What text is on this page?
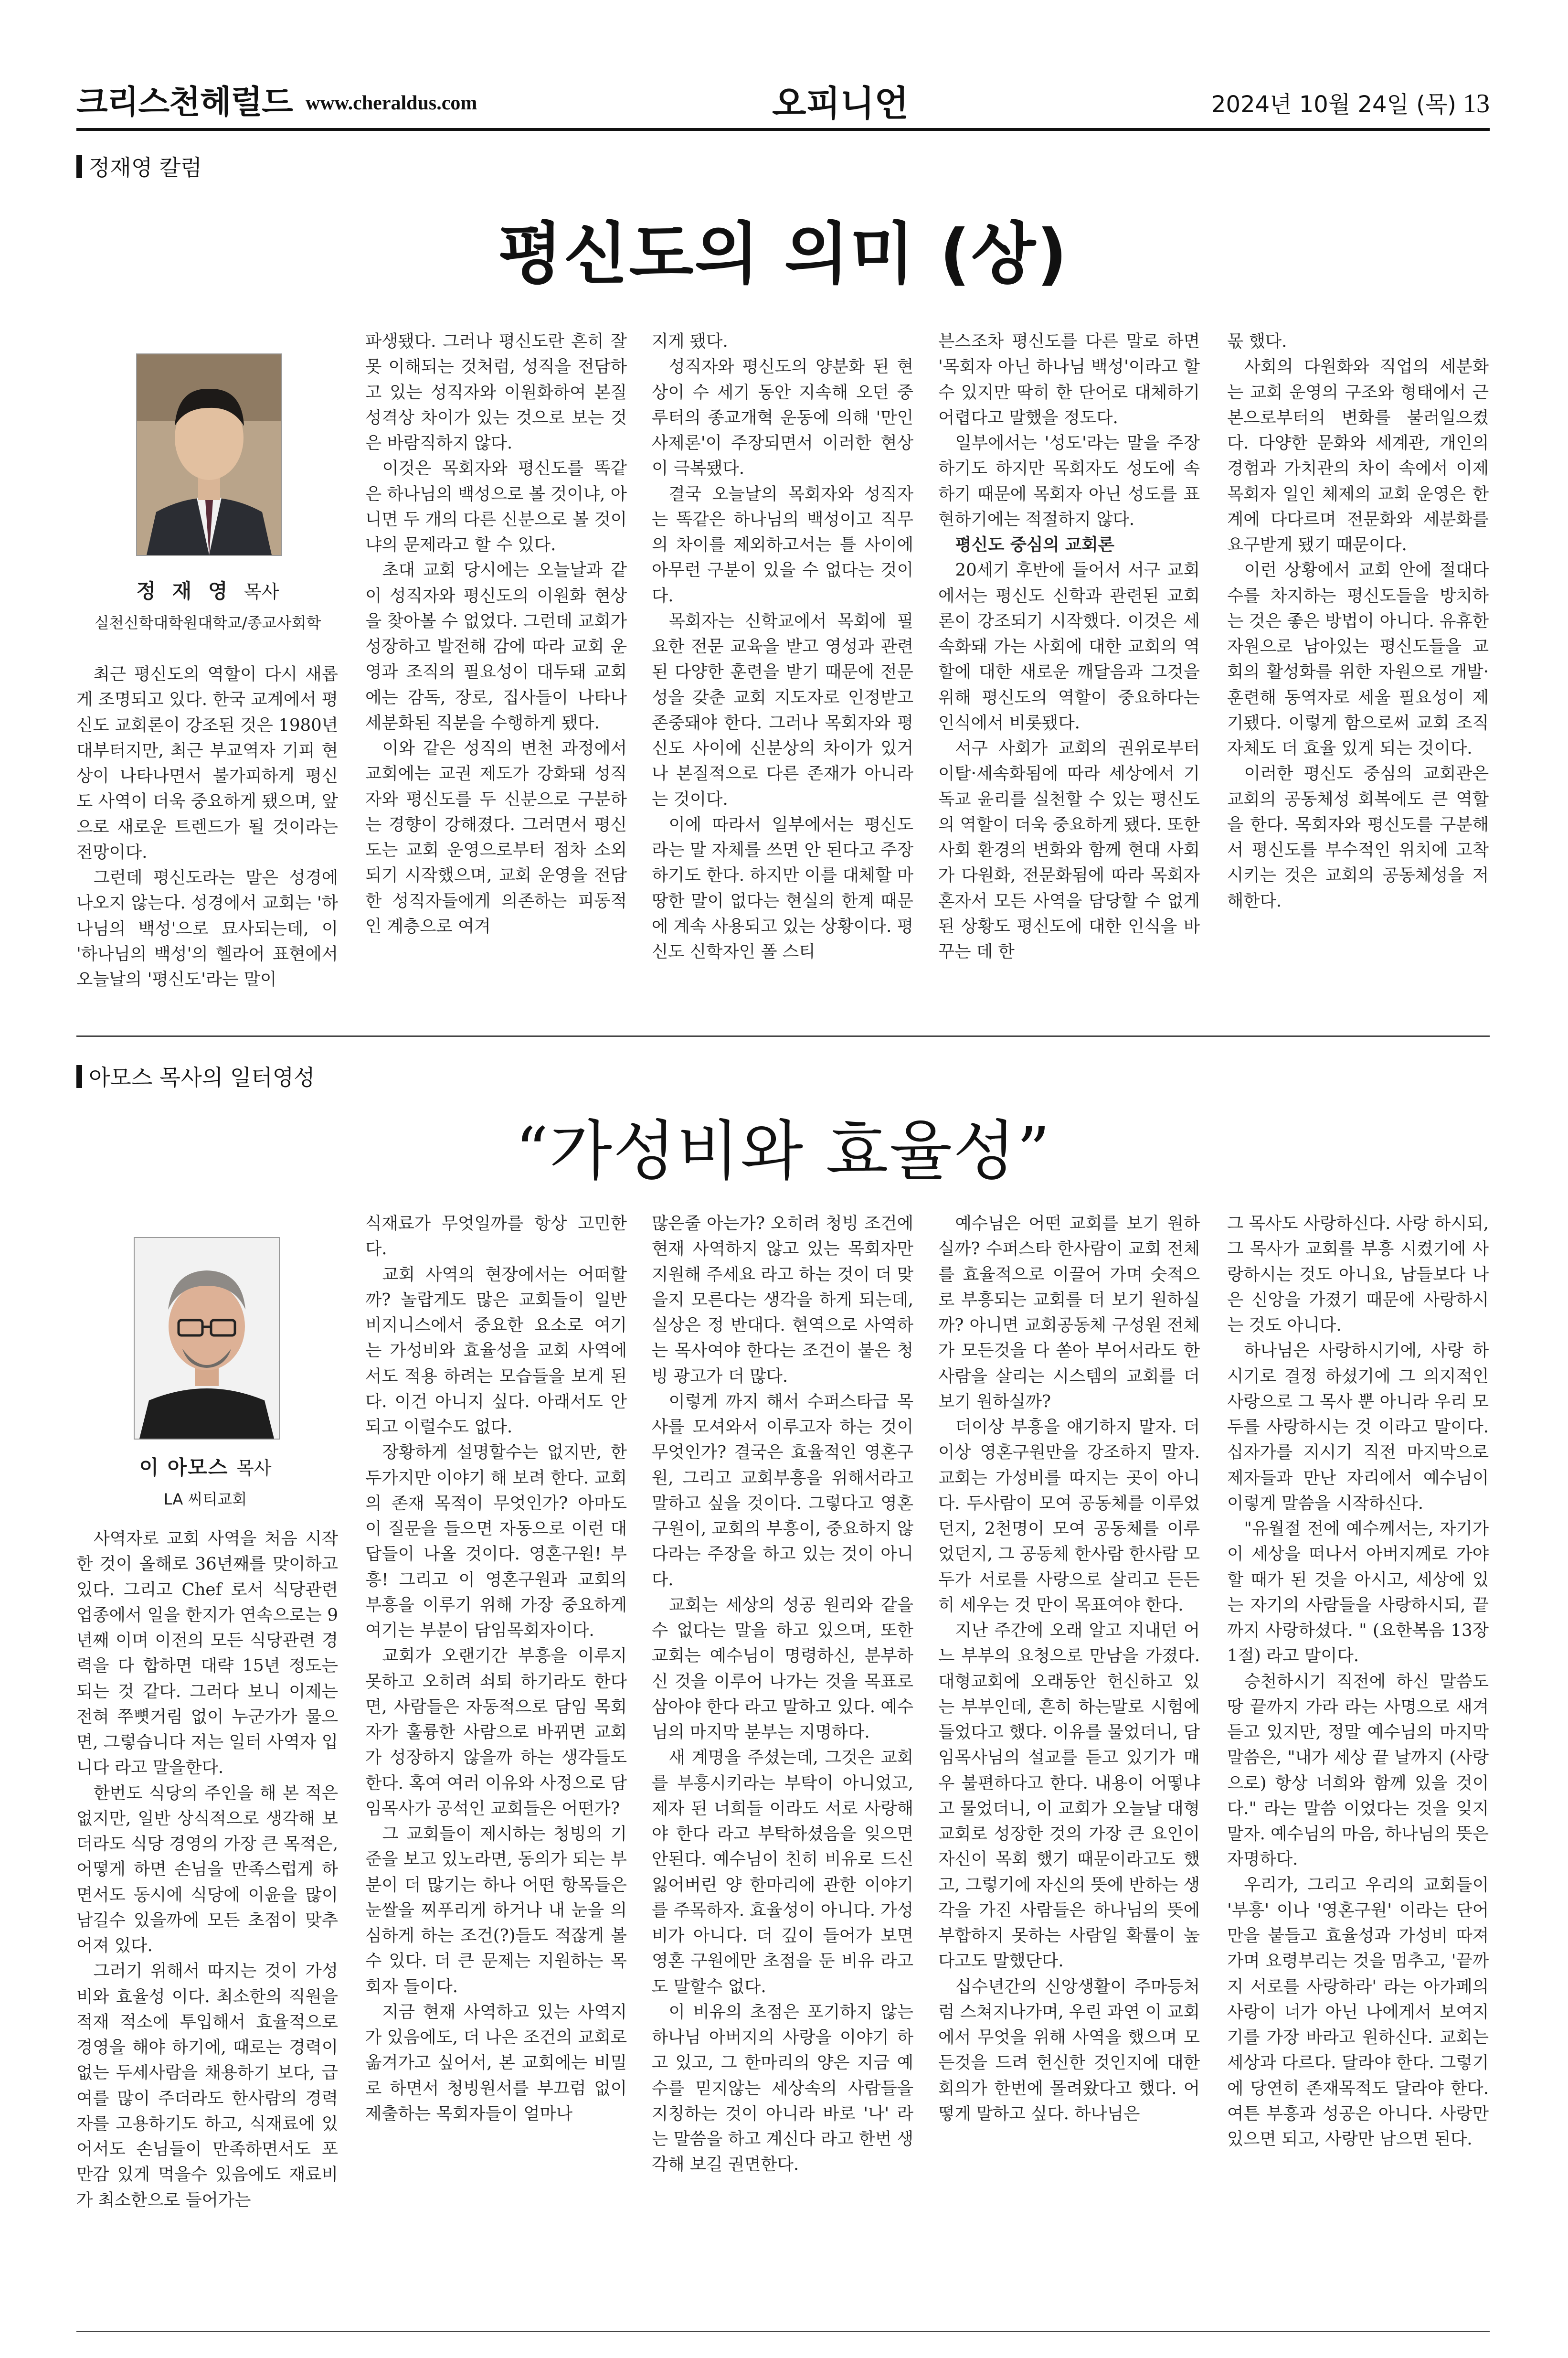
크리스천헤럴드 www.cheraldus.com	오피니언	2024년 10월 24일 (목) 13
정재영 칼럼
평신도의 의미 (상)
정 재 영 목사
실천신학대학원대학교/종교사회학

최근 평신도의 역할이 다시 새롭게 조명되고 있다. 한국 교계에서 평신도 교회론이 강조된 것은 1980년대부터지만, 최근 부교역자 기피 현상이 나타나면서 불가피하게 평신도 사역이 더욱 중요하게 됐으며, 앞으로 새로운 트렌드가 될 것이라는 전망이다.

그런데 평신도라는 말은 성경에 나오지 않는다. 성경에서 교회는 '하나님의 백성'으로 묘사되는데, 이 '하나님의 백성'의 헬라어 표현에서 오늘날의 '평신도'라는 말이

파생됐다. 그러나 평신도란 흔히 잘못 이해되는 것처럼, 성직을 전담하고 있는 성직자와 이원화하여 본질 성격상 차이가 있는 것으로 보는 것은 바람직하지 않다.

이것은 목회자와 평신도를 똑같은 하나님의 백성으로 볼 것이냐, 아니면 두 개의 다른 신분으로 볼 것이냐의 문제라고 할 수 있다.

초대 교회 당시에는 오늘날과 같이 성직자와 평신도의 이원화 현상을 찾아볼 수 없었다. 그런데 교회가 성장하고 발전해 감에 따라 교회 운영과 조직의 필요성이 대두돼 교회에는 감독, 장로, 집사들이 나타나 세분화된 직분을 수행하게 됐다.

이와 같은 성직의 변천 과정에서 교회에는 교권 제도가 강화돼 성직자와 평신도를 두 신분으로 구분하는 경향이 강해졌다. 그러면서 평신도는 교회 운영으로부터 점차 소외되기 시작했으며, 교회 운영을 전담한 성직자들에게 의존하는 피동적인 계층으로 여겨

지게 됐다.

성직자와 평신도의 양분화 된 현상이 수 세기 동안 지속해 오던 중 루터의 종교개혁 운동에 의해 '만인사제론'이 주장되면서 이러한 현상이 극복됐다.

결국 오늘날의 목회자와 성직자는 똑같은 하나님의 백성이고 직무의 차이를 제외하고서는 틀 사이에 아무런 구분이 있을 수 없다는 것이다.

목회자는 신학교에서 목회에 필요한 전문 교육을 받고 영성과 관련된 다양한 훈련을 받기 때문에 전문성을 갖춘 교회 지도자로 인정받고 존중돼야 한다. 그러나 목회자와 평신도 사이에 신분상의 차이가 있거나 본질적으로 다른 존재가 아니라는 것이다.

이에 따라서 일부에서는 평신도라는 말 자체를 쓰면 안 된다고 주장하기도 한다. 하지만 이를 대체할 마땅한 말이 없다는 현실의 한계 때문에 계속 사용되고 있는 상황이다. 평신도 신학자인 폴 스티

븐스조차 평신도를 다른 말로 하면 '목회자 아닌 하나님 백성'이라고 할 수 있지만 딱히 한 단어로 대체하기 어렵다고 말했을 정도다.

일부에서는 '성도'라는 말을 주장하기도 하지만 목회자도 성도에 속하기 때문에 목회자 아닌 성도를 표현하기에는 적절하지 않다.

평신도 중심의 교회론

20세기 후반에 들어서 서구 교회에서는 평신도 신학과 관련된 교회론이 강조되기 시작했다. 이것은 세속화돼 가는 사회에 대한 교회의 역할에 대한 새로운 깨달음과 그것을 위해 평신도의 역할이 중요하다는 인식에서 비롯됐다.

서구 사회가 교회의 권위로부터 이탈·세속화됨에 따라 세상에서 기독교 윤리를 실천할 수 있는 평신도의 역할이 더욱 중요하게 됐다. 또한 사회 환경의 변화와 함께 현대 사회가 다원화, 전문화됨에 따라 목회자 혼자서 모든 사역을 담당할 수 없게 된 상황도 평신도에 대한 인식을 바꾸는 데 한

몫 했다.

사회의 다원화와 직업의 세분화는 교회 운영의 구조와 형태에서 근본으로부터의 변화를 불러일으켰다. 다양한 문화와 세계관, 개인의 경험과 가치관의 차이 속에서 이제 목회자 일인 체제의 교회 운영은 한계에 다다르며 전문화와 세분화를 요구받게 됐기 때문이다.

이런 상황에서 교회 안에 절대다수를 차지하는 평신도들을 방치하는 것은 좋은 방법이 아니다. 유휴한 자원으로 남아있는 평신도들을 교회의 활성화를 위한 자원으로 개발·훈련해 동역자로 세울 필요성이 제기됐다. 이렇게 함으로써 교회 조직 자체도 더 효율 있게 되는 것이다.

이러한 평신도 중심의 교회관은 교회의 공동체성 회복에도 큰 역할을 한다. 목회자와 평신도를 구분해서 평신도를 부수적인 위치에 고착시키는 것은 교회의 공동체성을 저해한다.

아모스 목사의 일터영성
“가성비와 효율성”
이 아모스 목사
LA 씨티교회

사역자로 교회 사역을 처음 시작한 것이 올해로 36년째를 맞이하고 있다. 그리고 Chef 로서 식당관련 업종에서 일을 한지가 연속으로는 9년째 이며 이전의 모든 식당관련 경력을 다 합하면 대략 15년 정도는 되는 것 같다. 그러다 보니 이제는 전혀 쭈뼛거림 없이 누군가가 물으면, 그렇습니다 저는 일터 사역자 입니다 라고 말을한다.

한번도 식당의 주인을 해 본 적은 없지만, 일반 상식적으로 생각해 보더라도 식당 경영의 가장 큰 목적은, 어떻게 하면 손님을 만족스럽게 하면서도 동시에 식당에 이윤을 많이 남길수 있을까에 모든 초점이 맞추어져 있다.

그러기 위해서 따지는 것이 가성비와 효율성 이다. 최소한의 직원을 적재 적소에 투입해서 효율적으로 경영을 해야 하기에, 때로는 경력이 없는 두세사람을 채용하기 보다, 급여를 많이 주더라도 한사람의 경력자를 고용하기도 하고, 식재료에 있어서도 손님들이 만족하면서도 포만감 있게 먹을수 있음에도 재료비가 최소한으로 들어가는

식재료가 무엇일까를 항상 고민한다.

교회 사역의 현장에서는 어떠할까? 놀랍게도 많은 교회들이 일반 비지니스에서 중요한 요소로 여기는 가성비와 효율성을 교회 사역에서도 적용 하려는 모습들을 보게 된다. 이건 아니지 싶다. 아래서도 안되고 이럴수도 없다.

장황하게 설명할수는 없지만, 한두가지만 이야기 해 보려 한다. 교회의 존재 목적이 무엇인가? 아마도 이 질문을 들으면 자동으로 이런 대답들이 나올 것이다. 영혼구원! 부흥! 그리고 이 영혼구원과 교회의 부흥을 이루기 위해 가장 중요하게 여기는 부분이 담임목회자이다.

교회가 오랜기간 부흥을 이루지 못하고 오히려 쇠퇴 하기라도 한다면, 사람들은 자동적으로 담임 목회자가 훌륭한 사람으로 바뀌면 교회가 성장하지 않을까 하는 생각들도 한다. 혹여 여러 이유와 사정으로 담임목사가 공석인 교회들은 어떤가?

그 교회들이 제시하는 청빙의 기준을 보고 있노라면, 동의가 되는 부분이 더 많기는 하나 어떤 항목들은 눈쌀을 찌푸리게 하거나 내 눈을 의심하게 하는 조건(?)들도 적잖게 볼수 있다. 더 큰 문제는 지원하는 목회자 들이다.

지금 현재 사역하고 있는 사역지가 있음에도, 더 나은 조건의 교회로 옮겨가고 싶어서, 본 교회에는 비밀로 하면서 청빙원서를 부끄럼 없이 제출하는 목회자들이 얼마나

많은줄 아는가? 오히려 청빙 조건에 현재 사역하지 않고 있는 목회자만 지원해 주세요 라고 하는 것이 더 맞을지 모른다는 생각을 하게 되는데, 실상은 정 반대다. 현역으로 사역하는 목사여야 한다는 조건이 붙은 청빙 광고가 더 많다.

이렇게 까지 해서 수퍼스타급 목사를 모셔와서 이루고자 하는 것이 무엇인가? 결국은 효율적인 영혼구원, 그리고 교회부흥을 위해서라고 말하고 싶을 것이다. 그렇다고 영혼구원이, 교회의 부흥이, 중요하지 않다라는 주장을 하고 있는 것이 아니다.

교회는 세상의 성공 원리와 같을 수 없다는 말을 하고 있으며, 또한 교회는 예수님이 명령하신, 분부하신 것을 이루어 나가는 것을 목표로 삼아야 한다 라고 말하고 있다. 예수님의 마지막 분부는 지명하다.

새 계명을 주셨는데, 그것은 교회를 부흥시키라는 부탁이 아니었고, 제자 된 너희들 이라도 서로 사랑해야 한다 라고 부탁하셨음을 잊으면 안된다. 예수님이 친히 비유로 드신 잃어버린 양 한마리에 관한 이야기를 주목하자. 효율성이 아니다. 가성비가 아니다. 더 깊이 들어가 보면 영혼 구원에만 초점을 둔 비유 라고도 말할수 없다.

이 비유의 초점은 포기하지 않는 하나님 아버지의 사랑을 이야기 하고 있고, 그 한마리의 양은 지금 예수를 믿지않는 세상속의 사람들을 지칭하는 것이 아니라 바로 '나' 라는 말씀을 하고 계신다 라고 한번 생각해 보길 권면한다.

예수님은 어떤 교회를 보기 원하실까? 수퍼스타 한사람이 교회 전체를 효율적으로 이끌어 가며 숫적으로 부흥되는 교회를 더 보기 원하실까? 아니면 교회공동체 구성원 전체가 모든것을 다 쏟아 부어서라도 한 사람을 살리는 시스템의 교회를 더 보기 원하실까?

더이상 부흥을 얘기하지 말자. 더이상 영혼구원만을 강조하지 말자. 교회는 가성비를 따지는 곳이 아니다. 두사람이 모여 공동체를 이루었던지, 2천명이 모여 공동체를 이루었던지, 그 공동체 한사람 한사람 모두가 서로를 사랑으로 살리고 든든히 세우는 것 만이 목표여야 한다.

지난 주간에 오래 알고 지내던 어느 부부의 요청으로 만남을 가졌다. 대형교회에 오래동안 헌신하고 있는 부부인데, 흔히 하는말로 시험에 들었다고 했다. 이유를 물었더니, 담임목사님의 설교를 듣고 있기가 매우 불편하다고 한다. 내용이 어떻냐고 물었더니, 이 교회가 오늘날 대형교회로 성장한 것의 가장 큰 요인이 자신이 목회 했기 때문이라고도 했고, 그렇기에 자신의 뜻에 반하는 생각을 가진 사람들은 하나님의 뜻에 부합하지 못하는 사람일 확률이 높다고도 말했단다.

십수년간의 신앙생활이 주마등처럼 스쳐지나가며, 우린 과연 이 교회에서 무엇을 위해 사역을 했으며 모든것을 드려 헌신한 것인지에 대한 회의가 한번에 몰려왔다고 했다. 어떻게 말하고 싶다. 하나님은

그 목사도 사랑하신다. 사랑 하시되, 그 목사가 교회를 부흥 시켰기에 사랑하시는 것도 아니요, 남들보다 나은 신앙을 가졌기 때문에 사랑하시는 것도 아니다.

하나님은 사랑하시기에, 사랑 하시기로 결정 하셨기에 그 의지적인 사랑으로 그 목사 뿐 아니라 우리 모두를 사랑하시는 것 이라고 말이다. 십자가를 지시기 직전 마지막으로 제자들과 만난 자리에서 예수님이 이렇게 말씀을 시작하신다.

"유월절 전에 예수께서는, 자기가 이 세상을 떠나서 아버지께로 가야 할 때가 된 것을 아시고, 세상에 있는 자기의 사람들을 사랑하시되, 끝까지 사랑하셨다. " (요한복음 13장 1절) 라고 말이다.

승천하시기 직전에 하신 말씀도 땅 끝까지 가라 라는 사명으로 새겨듣고 있지만, 정말 예수님의 마지막 말씀은, "내가 세상 끝 날까지 (사랑으로) 항상 너희와 함께 있을 것이다." 라는 말씀 이었다는 것을 잊지말자. 예수님의 마음, 하나님의 뜻은 자명하다.

우리가, 그리고 우리의 교회들이 '부흥' 이나 '영혼구원' 이라는 단어만을 붙들고 효율성과 가성비 따져가며 요령부리는 것을 멈추고, '끝까지 서로를 사랑하라' 라는 아가페의 사랑이 너가 아닌 나에게서 보여지기를 가장 바라고 원하신다. 교회는 세상과 다르다. 달라야 한다. 그렇기에 당연히 존재목적도 달라야 한다. 여튼 부흥과 성공은 아니다. 사랑만 있으면 되고, 사랑만 남으면 된다.
